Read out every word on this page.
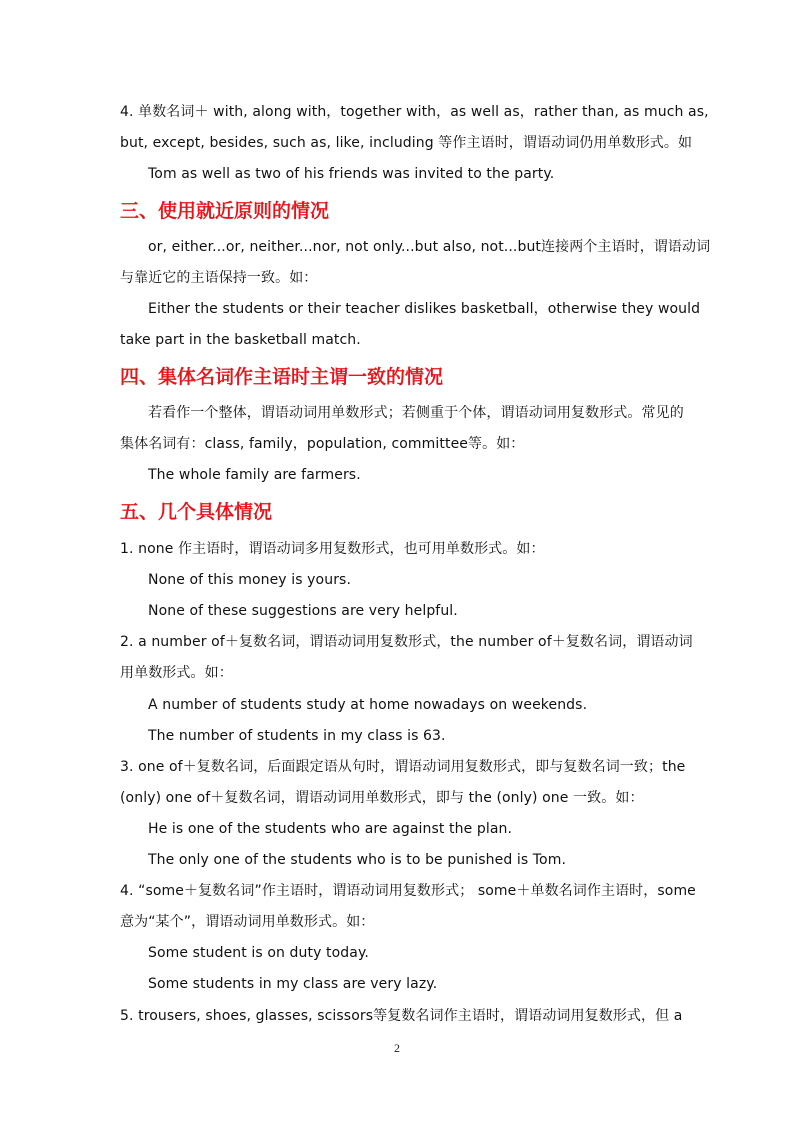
4. 单数名词＋ with, along with，together with，as well as，rather than, as much as,
but, except, besides, such as, like, including 等作主语时，谓语动词仍用单数形式。如
Tom as well as two of his friends was invited to the party.
三、使用就近原则的情况
or, either...or, neither...nor, not only...but also, not...but连接两个主语时，谓语动词
与靠近它的主语保持一致。如：
Either the students or their teacher dislikes basketball，otherwise they would
take part in the basketball match.
四、集体名词作主语时主谓一致的情况
若看作一个整体，谓语动词用单数形式；若侧重于个体，谓语动词用复数形式。常见的
集体名词有：class, family，population, committee等。如：
The whole family are farmers.
五、几个具体情况
1. none 作主语时，谓语动词多用复数形式，也可用单数形式。如：
None of this money is yours.
None of these suggestions are very helpful.
2. a number of＋复数名词，谓语动词用复数形式，the number of＋复数名词，谓语动词
用单数形式。如：
A number of students study at home nowadays on weekends.
The number of students in my class is 63.
3. one of＋复数名词，后面跟定语从句时，谓语动词用复数形式，即与复数名词一致；the
(only) one of＋复数名词，谓语动词用单数形式，即与 the (only) one 一致。如：
He is one of the students who are against the plan.
The only one of the students who is to be punished is Tom.
4. “some＋复数名词”作主语时，谓语动词用复数形式； some＋单数名词作主语时，some
意为“某个”，谓语动词用单数形式。如：
Some student is on duty today.
Some students in my class are very lazy.
5. trousers, shoes, glasses, scissors等复数名词作主语时，谓语动词用复数形式，但 a
2
